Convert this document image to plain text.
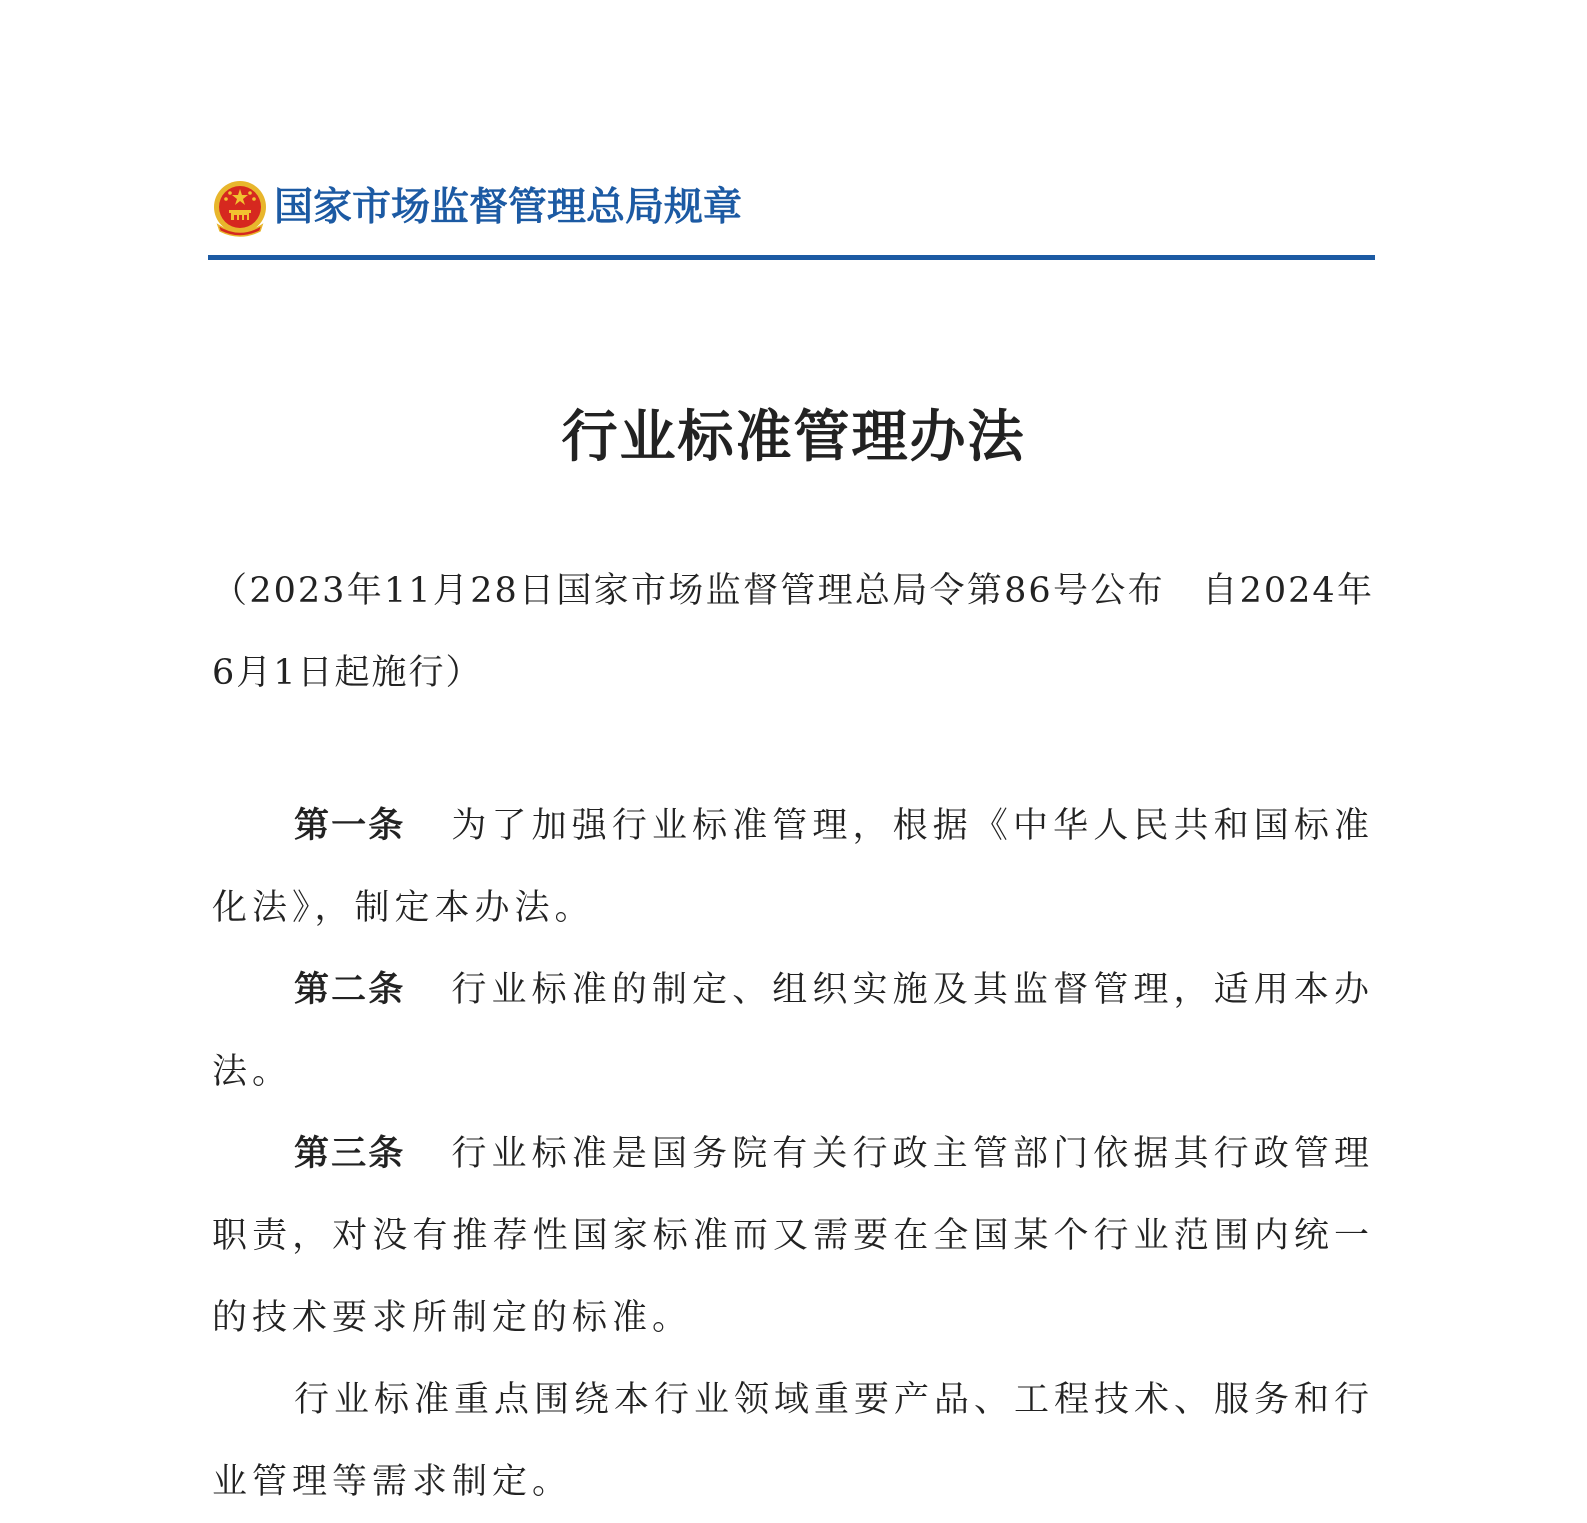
国家市场监督管理总局规章
行业标准管理办法
（2023年11月28日国家市场监督管理总局令第86号公布　自2024年6月1日起施行）

第一条 为了加强行业标准管理，根据《中华人民共和国标准化法》，制定本办法。

第二条 行业标准的制定、组织实施及其监督管理，适用本办法。

第三条 行业标准是国务院有关行政主管部门依据其行政管理职责，对没有推荐性国家标准而又需要在全国某个行业范围内统一的技术要求所制定的标准。

行业标准重点围绕本行业领域重要产品、工程技术、服务和行业管理等需求制定。
